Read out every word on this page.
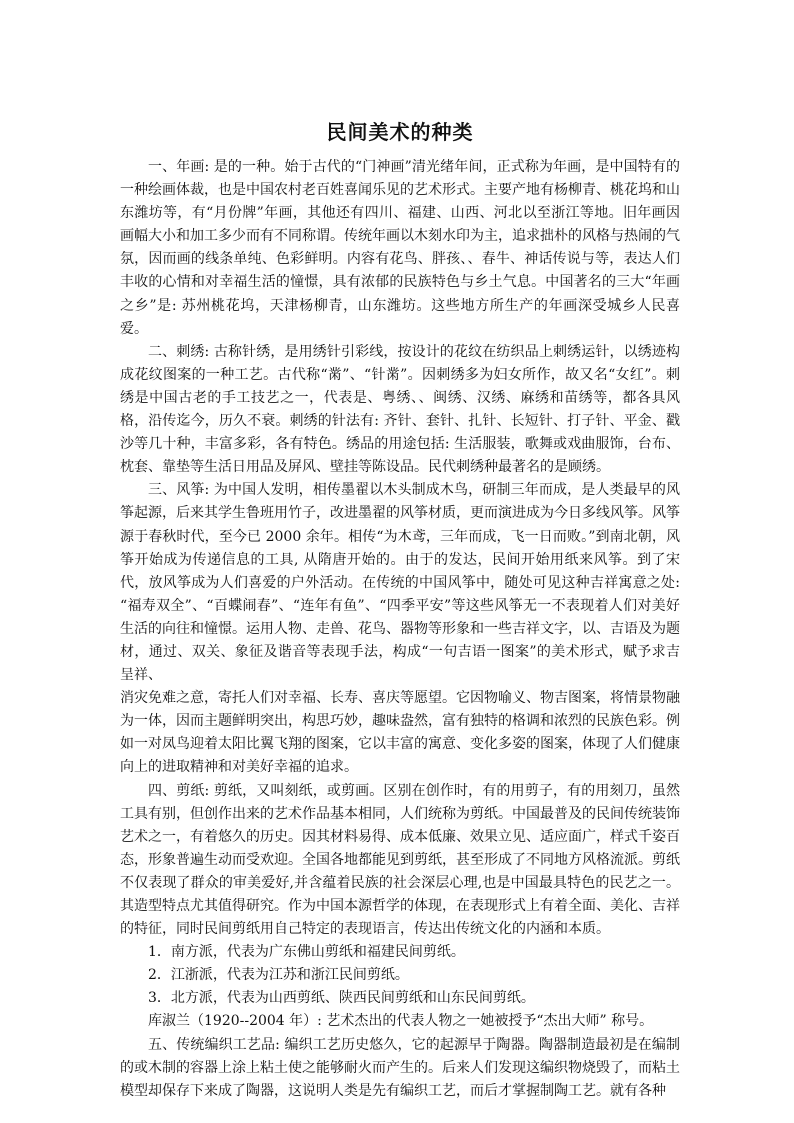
民间美术的种类

一、年画: 是的一种。始于古代的“门神画”清光绪年间，正式称为年画，是中国特有的一种绘画体裁，也是中国农村老百姓喜闻乐见的艺术形式。主要产地有杨柳青、桃花坞和山东潍坊等，有“月份牌”年画，其他还有四川、福建、山西、河北以至浙江等地。旧年画因画幅大小和加工多少而有不同称谓。传统年画以木刻水印为主，追求拙朴的风格与热闹的气氛，因而画的线条单纯、色彩鲜明。内容有花鸟、胖孩、、春牛、神话传说与等，表达人们丰收的心情和对幸福生活的憧憬，具有浓郁的民族特色与乡土气息。中国著名的三大“年画之乡”是: 苏州桃花坞，天津杨柳青，山东潍坊。这些地方所生产的年画深受城乡人民喜爱。

二、刺绣: 古称针绣，是用绣针引彩线，按设计的花纹在纺织品上刺绣运针，以绣迹构成花纹图案的一种工艺。古代称“黹”、“针黹”。因刺绣多为妇女所作，故又名“女红”。刺绣是中国古老的手工技艺之一，代表是、粤绣、、闽绣、汉绣、麻绣和苗绣等，都各具风格，沿传迄今，历久不衰。刺绣的针法有: 齐针、套针、扎针、长短针、打子针、平金、戳沙等几十种，丰富多彩，各有特色。绣品的用途包括: 生活服装，歌舞或戏曲服饰，台布、枕套、靠垫等生活日用品及屏风、壁挂等陈设品。民代刺绣种最著名的是顾绣。

三、风筝: 为中国人发明，相传墨翟以木头制成木鸟，研制三年而成，是人类最早的风筝起源，后来其学生鲁班用竹子，改进墨翟的风筝材质，更而演进成为今日多线风筝。风筝源于春秋时代，至今已 2000 余年。相传“为木鸢，三年而成，飞一日而败。”到南北朝，风筝开始成为传递信息的工具, 从隋唐开始的。由于的发达，民间开始用纸来风筝。到了宋代，放风筝成为人们喜爱的户外活动。在传统的中国风筝中，随处可见这种吉祥寓意之处: “福寿双全”、“百蝶闹春”、“连年有鱼”、“四季平安”等这些风筝无一不表现着人们对美好生活的向往和憧憬。运用人物、走兽、花鸟、器物等形象和一些吉祥文字，以、吉语及为题材，通过、双关、象征及谐音等表现手法，构成“一句吉语一图案”的美术形式，赋予求吉呈祥、

消灾免难之意，寄托人们对幸福、长寿、喜庆等愿望。它因物喻义、物吉图案，将情景物融为一体，因而主题鲜明突出，构思巧妙，趣味盎然，富有独特的格调和浓烈的民族色彩。例如一对凤鸟迎着太阳比翼飞翔的图案，它以丰富的寓意、变化多姿的图案，体现了人们健康向上的进取精神和对美好幸福的追求。

四、剪纸: 剪纸，又叫刻纸，或剪画。区别在创作时，有的用剪子，有的用刻刀，虽然工具有别，但创作出来的艺术作品基本相同，人们统称为剪纸。中国最普及的民间传统装饰艺术之一，有着悠久的历史。因其材料易得、成本低廉、效果立见、适应面广，样式千姿百态，形象普遍生动而受欢迎。全国各地都能见到剪纸，甚至形成了不同地方风格流派。剪纸不仅表现了群众的审美爱好,并含蕴着民族的社会深层心理,也是中国最具特色的民艺之一。其造型特点尤其值得研究。作为中国本源哲学的体现，在表现形式上有着全面、美化、吉祥的特征，同时民间剪纸用自己特定的表现语言，传达出传统文化的内涵和本质。

1．南方派，代表为广东佛山剪纸和福建民间剪纸。

2．江浙派，代表为江苏和浙江民间剪纸。

3．北方派，代表为山西剪纸、陕西民间剪纸和山东民间剪纸。

库淑兰（1920--2004 年）: 艺术杰出的代表人物之一她被授予“杰出大师” 称号。

五、传统编织工艺品: 编织工艺历史悠久，它的起源早于陶器。陶器制造最初是在编制的或木制的容器上涂上粘土使之能够耐火而产生的。后来人们发现这编织物烧毁了，而粘土模型却保存下来成了陶器，这说明人类是先有编织工艺，而后才掌握制陶工艺。就有各种
